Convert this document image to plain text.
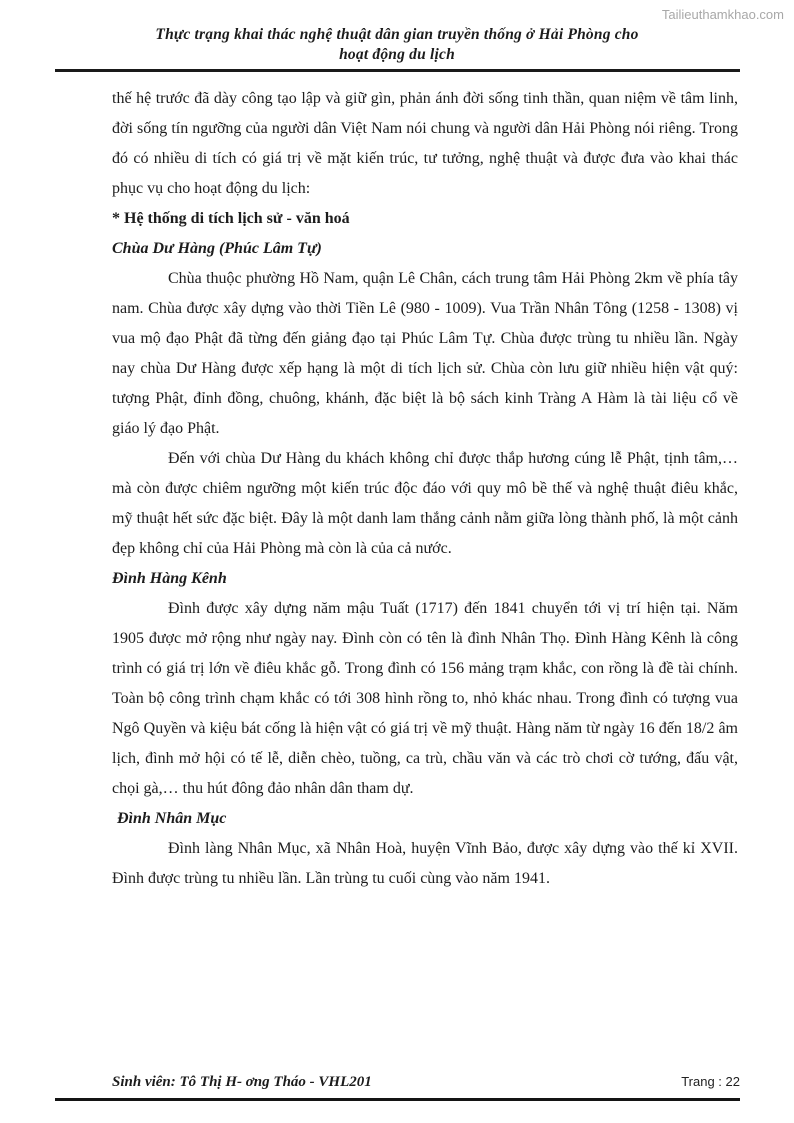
Tailieuthamkhao.com
Thực trạng khai thác nghệ thuật dân gian truyền thống ở Hải Phòng cho
hoạt động du lịch

thế hệ trước đã dày công tạo lập và giữ gìn, phản ánh đời sống tinh thần, quan niệm về tâm linh, đời sống tín ngưỡng của người dân Việt Nam nói chung và người dân Hải Phòng nói riêng. Trong đó có nhiều di tích có giá trị về mặt kiến trúc, tư tưởng, nghệ thuật và được đưa vào khai thác phục vụ cho hoạt động du lịch:

* Hệ thống di tích lịch sử - văn hoá

Chùa Dư Hàng (Phúc Lâm Tự)

Chùa thuộc phường Hồ Nam, quận Lê Chân, cách trung tâm Hải Phòng 2km về phía tây nam. Chùa được xây dựng vào thời Tiền Lê (980 - 1009). Vua Trần Nhân Tông (1258 - 1308) vị vua mộ đạo Phật đã từng đến giảng đạo tại Phúc Lâm Tự. Chùa được trùng tu nhiều lần. Ngày nay chùa Dư Hàng được xếp hạng là một di tích lịch sử. Chùa còn lưu giữ nhiều hiện vật quý: tượng Phật, đỉnh đồng, chuông, khánh, đặc biệt là bộ sách kinh Tràng A Hàm là tài liệu cổ về giáo lý đạo Phật.

Đến với chùa Dư Hàng du khách không chỉ được thắp hương cúng lễ Phật, tịnh tâm,… mà còn được chiêm ngưỡng một kiến trúc độc đáo với quy mô bề thế và nghệ thuật điêu khắc, mỹ thuật hết sức đặc biệt. Đây là một danh lam thắng cảnh nằm giữa lòng thành phố, là một cảnh đẹp không chỉ của Hải Phòng mà còn là của cả nước.

Đình Hàng Kênh

Đình được xây dựng năm mậu Tuất (1717) đến 1841 chuyển tới vị trí hiện tại. Năm 1905 được mở rộng như ngày nay. Đình còn có tên là đình Nhân Thọ. Đình Hàng Kênh là công trình có giá trị lớn về điêu khắc gỗ. Trong đình có 156 mảng trạm khắc, con rồng là đề tài chính. Toàn bộ công trình chạm khắc có tới 308 hình rồng to, nhỏ khác nhau. Trong đình có tượng vua Ngô Quyền và kiệu bát cống là hiện vật có giá trị về mỹ thuật. Hàng năm từ ngày 16 đến 18/2 âm lịch, đình mở hội có tế lễ, diễn chèo, tuồng, ca trù, chầu văn và các trò chơi cờ tướng, đấu vật, chọi gà,… thu hút đông đảo nhân dân tham dự.

Đình Nhân Mục

Đình làng Nhân Mục, xã Nhân Hoà, huyện Vĩnh Bảo, được xây dựng vào thế kỉ XVII. Đình được trùng tu nhiều lần. Lần trùng tu cuối cùng vào năm 1941.

Sinh viên: Tô Thị H- ơng Tháo - VHL201	Trang : 22
